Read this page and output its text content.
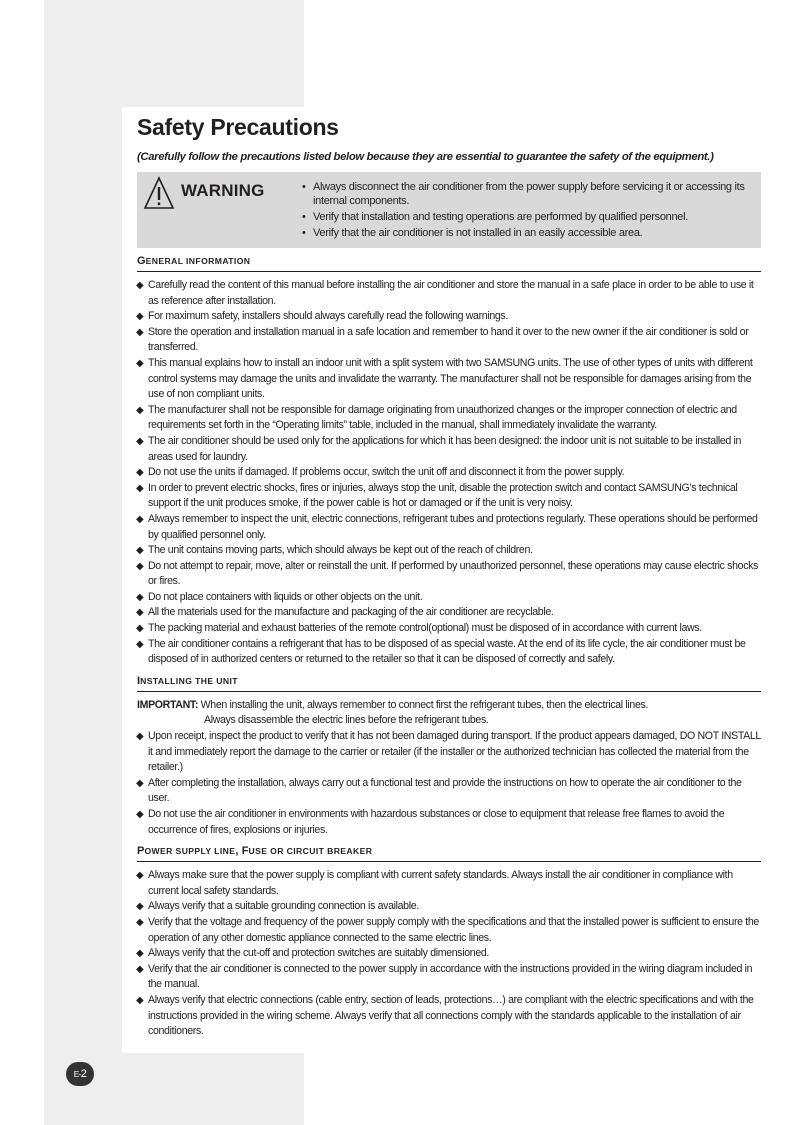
Safety Precautions
(Carefully follow the precautions listed below because they are essential to guarantee the safety of the equipment.)
WARNING	• Always disconnect the air conditioner from the power supply before servicing it or accessing its internal components.
• Verify that installation and testing operations are performed by qualified personnel.
• Verify that the air conditioner is not installed in an easily accessible area.
GENERAL INFORMATION
◆ Carefully read the content of this manual before installing the air conditioner and store the manual in a safe place in order to be able to use it as reference after installation.
◆ For maximum safety, installers should always carefully read the following warnings.
◆ Store the operation and installation manual in a safe location and remember to hand it over to the new owner if the air conditioner is sold or transferred.
◆ This manual explains how to install an indoor unit with a split system with two SAMSUNG units. The use of other types of units with different control systems may damage the units and invalidate the warranty. The manufacturer shall not be responsible for damages arising from the use of non compliant units.
◆ The manufacturer shall not be responsible for damage originating from unauthorized changes or the improper connection of electric and requirements set forth in the “Operating limits” table, included in the manual, shall immediately invalidate the warranty.
◆ The air conditioner should be used only for the applications for which it has been designed: the indoor unit is not suitable to be installed in areas used for laundry.
◆ Do not use the units if damaged. If problems occur, switch the unit off and disconnect it from the power supply.
◆ In order to prevent electric shocks, fires or injuries, always stop the unit, disable the protection switch and contact SAMSUNG’s technical support if the unit produces smoke, if the power cable is hot or damaged or if the unit is very noisy.
◆ Always remember to inspect the unit, electric connections, refrigerant tubes and protections regularly. These operations should be performed by qualified personnel only.
◆ The unit contains moving parts, which should always be kept out of the reach of children.
◆ Do not attempt to repair, move, alter or reinstall the unit. If performed by unauthorized personnel, these operations may cause electric shocks or fires.
◆ Do not place containers with liquids or other objects on the unit.
◆ All the materials used for the manufacture and packaging of the air conditioner are recyclable.
◆ The packing material and exhaust batteries of the remote control(optional) must be disposed of in accordance with current laws.
◆ The air conditioner contains a refrigerant that has to be disposed of as special waste. At the end of its life cycle, the air conditioner must be disposed of in authorized centers or returned to the retailer so that it can be disposed of correctly and safely.
INSTALLING THE UNIT
IMPORTANT: When installing the unit, always remember to connect first the refrigerant tubes, then the electrical lines.
Always disassemble the electric lines before the refrigerant tubes.
◆ Upon receipt, inspect the product to verify that it has not been damaged during transport. If the product appears damaged, DO NOT INSTALL it and immediately report the damage to the carrier or retailer (if the installer or the authorized technician has collected the material from the retailer.)
◆ After completing the installation, always carry out a functional test and provide the instructions on how to operate the air conditioner to the user.
◆ Do not use the air conditioner in environments with hazardous substances or close to equipment that release free flames to avoid the occurrence of fires, explosions or injuries.
POWER SUPPLY LINE, FUSE OR CIRCUIT BREAKER
◆ Always make sure that the power supply is compliant with current safety standards. Always install the air conditioner in compliance with current local safety standards.
◆ Always verify that a suitable grounding connection is available.
◆ Verify that the voltage and frequency of the power supply comply with the specifications and that the installed power is sufficient to ensure the operation of any other domestic appliance connected to the same electric lines.
◆ Always verify that the cut-off and protection switches are suitably dimensioned.
◆ Verify that the air conditioner is connected to the power supply in accordance with the instructions provided in the wiring diagram included in the manual.
◆ Always verify that electric connections (cable entry, section of leads, protections…) are compliant with the electric specifications and with the instructions provided in the wiring scheme. Always verify that all connections comply with the standards applicable to the installation of air conditioners.
E-2
